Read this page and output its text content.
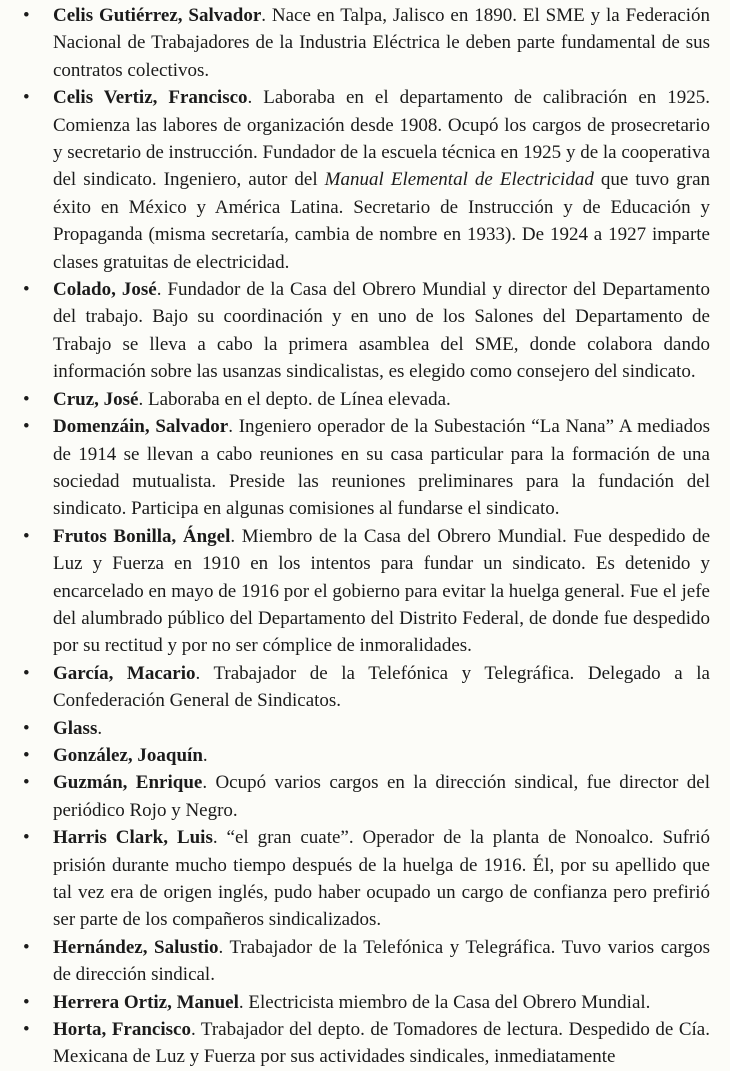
•	Celis Gutiérrez, Salvador. Nace en Talpa, Jalisco en 1890. El SME y la Federación Nacional de Trabajadores de la Industria Eléctrica le deben parte fundamental de sus contratos colectivos.
•	Celis Vertiz, Francisco. Laboraba en el departamento de calibración en 1925. Comienza las labores de organización desde 1908. Ocupó los cargos de prosecretario y secretario de instrucción. Fundador de la escuela técnica en 1925 y de la cooperativa del sindicato. Ingeniero, autor del Manual Elemental de Electricidad que tuvo gran éxito en México y América Latina. Secretario de Instrucción y de Educación y Propaganda (misma secretaría, cambia de nombre en 1933). De 1924 a 1927 imparte clases gratuitas de electricidad.
•	Colado, José. Fundador de la Casa del Obrero Mundial y director del Departamento del trabajo. Bajo su coordinación y en uno de los Salones del Departamento de Trabajo se lleva a cabo la primera asamblea del SME, donde colabora dando información sobre las usanzas sindicalistas, es elegido como consejero del sindicato.
•	Cruz, José. Laboraba en el depto. de Línea elevada.
•	Domenzáin, Salvador. Ingeniero operador de la Subestación “La Nana” A mediados de 1914 se llevan a cabo reuniones en su casa particular para la formación de una sociedad mutualista. Preside las reuniones preliminares para la fundación del sindicato. Participa en algunas comisiones al fundarse el sindicato.
•	Frutos Bonilla, Ángel. Miembro de la Casa del Obrero Mundial. Fue despedido de Luz y Fuerza en 1910 en los intentos para fundar un sindicato. Es detenido y encarcelado en mayo de 1916 por el gobierno para evitar la huelga general. Fue el jefe del alumbrado público del Departamento del Distrito Federal, de donde fue despedido por su rectitud y por no ser cómplice de inmoralidades.
•	García, Macario. Trabajador de la Telefónica y Telegráfica. Delegado a la Confederación General de Sindicatos.
•	Glass.
•	González, Joaquín.
•	Guzmán, Enrique. Ocupó varios cargos en la dirección sindical, fue director del periódico Rojo y Negro.
•	Harris Clark, Luis. “el gran cuate”. Operador de la planta de Nonoalco. Sufrió prisión durante mucho tiempo después de la huelga de 1916. Él, por su apellido que tal vez era de origen inglés, pudo haber ocupado un cargo de confianza pero prefirió ser parte de los compañeros sindicalizados.
•	Hernández, Salustio. Trabajador de la Telefónica y Telegráfica. Tuvo varios cargos de dirección sindical.
•	Herrera Ortiz, Manuel. Electricista miembro de la Casa del Obrero Mundial.
•	Horta, Francisco. Trabajador del depto. de Tomadores de lectura. Despedido de Cía. Mexicana de Luz y Fuerza por sus actividades sindicales, inmediatamente
